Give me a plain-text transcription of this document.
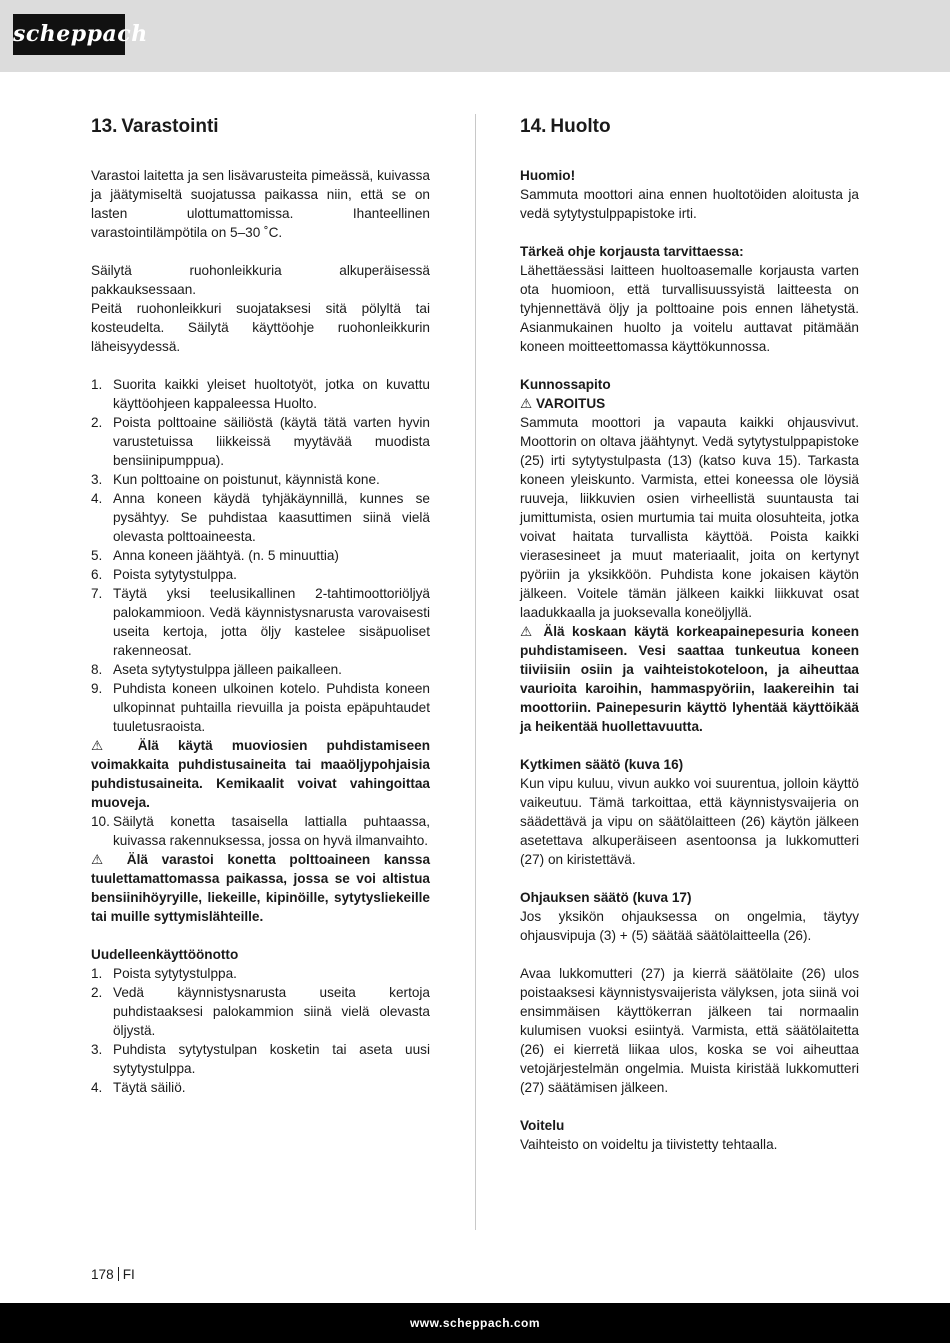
scheppach
13. Varastointi

Varastoi laitetta ja sen lisävarusteita pimeässä, kuivassa ja jäätymiseltä suojatussa paikassa niin, että se on lasten ulottumattomissa. Ihanteellinen varastointilämpötila on 5–30 ˚C.

Säilytä ruohonleikkuria alkuperäisessä pakkauksessaan.

Peitä ruohonleikkuri suojataksesi sitä pölyltä tai kosteudelta. Säilytä käyttöohje ruohonleikkurin läheisyydessä.

1. Suorita kaikki yleiset huoltotyöt, jotka on kuvattu käyttöohjeen kappaleessa Huolto.
2. Poista polttoaine säiliöstä (käytä tätä varten hyvin varustetuissa liikkeissä myytävää muodista bensiinipumppua).
3. Kun polttoaine on poistunut, käynnistä kone.
4. Anna koneen käydä tyhjäkäynnillä, kunnes se pysähtyy. Se puhdistaa kaasuttimen siinä vielä olevasta polttoaineesta.
5. Anna koneen jäähtyä. (n. 5 minuuttia)
6. Poista sytytystulppa.
7. Täytä yksi teelusikallinen 2-tahtimoottoriöljyä palokammioon. Vedä käynnistysnarusta varovaisesti useita kertoja, jotta öljy kastelee sisäpuoliset rakenneosat.
8. Aseta sytytystulppa jälleen paikalleen.
9. Puhdista koneen ulkoinen kotelo. Puhdista koneen ulkopinnat puhtailla rievuilla ja poista epäpuhtaudet tuuletusraoista.

⚠ Älä käytä muoviosien puhdistamiseen voimakkaita puhdistusaineita tai maaöljypohjaisia puhdistusaineita. Kemikaalit voivat vahingoittaa muoveja.

10. Säilytä konetta tasaisella lattialla puhtaassa, kuivassa rakennuksessa, jossa on hyvä ilmanvaihto.

⚠ Älä varastoi konetta polttoaineen kanssa tuulettamattomassa paikassa, jossa se voi altistua bensiinihöyryille, liekeille, kipinöille, sytytysliekeille tai muille syttymislähteille.

Uudelleenkäyttöönotto

1. Poista sytytystulppa.
2. Vedä käynnistysnarusta useita kertoja puhdistaaksesi palokammion siinä vielä olevasta öljystä.
3. Puhdista sytytystulpan kosketin tai aseta uusi sytytystulppa.
4. Täytä säiliö.
14. Huolto

Huomio!

Sammuta moottori aina ennen huoltotöiden aloitusta ja vedä sytytystulppapistoke irti.

Tärkeä ohje korjausta tarvittaessa:

Lähettäessäsi laitteen huoltoasemalle korjausta varten ota huomioon, että turvallisuussyistä laitteesta on tyhjennettävä öljy ja polttoaine pois ennen lähetystä. Asianmukainen huolto ja voitelu auttavat pitämään koneen moitteettomassa käyttökunnossa.

Kunnossapito

⚠ VAROITUS

Sammuta moottori ja vapauta kaikki ohjausvivut. Moottorin on oltava jäähtynyt. Vedä sytytystulppapistoke (25) irti sytytystulpasta (13) (katso kuva 15). Tarkasta koneen yleiskunto. Varmista, ettei koneessa ole löysiä ruuveja, liikkuvien osien virheellistä suuntausta tai jumittumista, osien murtumia tai muita olosuhteita, jotka voivat haitata turvallista käyttöä. Poista kaikki vierasesineet ja muut materiaalit, joita on kertynyt pyöriin ja yksikköön. Puhdista kone jokaisen käytön jälkeen. Voitele tämän jälkeen kaikki liikkuvat osat laadukkaalla ja juoksevalla koneöljyllä.

⚠ Älä koskaan käytä korkeapainepesuria koneen puhdistamiseen. Vesi saattaa tunkeutua koneen tiiviisiin osiin ja vaihteistokoteloon, ja aiheuttaa vaurioita karoihin, hammaspyöriin, laakereihin tai moottoriin. Painepesurin käyttö lyhentää käyttöikää ja heikentää huollettavuutta.

Kytkimen säätö (kuva 16)

Kun vipu kuluu, vivun aukko voi suurentua, jolloin käyttö vaikeutuu. Tämä tarkoittaa, että käynnistysvaijeria on säädettävä ja vipu on säätölaitteen (26) käytön jälkeen asetettava alkuperäiseen asentoonsa ja lukkomutteri (27) on kiristettävä.

Ohjauksen säätö (kuva 17)

Jos yksikön ohjauksessa on ongelmia, täytyy ohjausvipuja (3) + (5) säätää säätölaitteella (26).

Avaa lukkomutteri (27) ja kierrä säätölaite (26) ulos poistaaksesi käynnistysvaijerista välyksen, jota siinä voi ensimmäisen käyttökerran jälkeen tai normaalin kulumisen vuoksi esiintyä. Varmista, että säätölaitetta (26) ei kierretä liikaa ulos, koska se voi aiheuttaa vetojärjestelmän ongelmia. Muista kiristää lukkomutteri (27) säätämisen jälkeen.

Voitelu

Vaihteisto on voideltu ja tiivistetty tehtaalla.

178 FI
www.scheppach.com
